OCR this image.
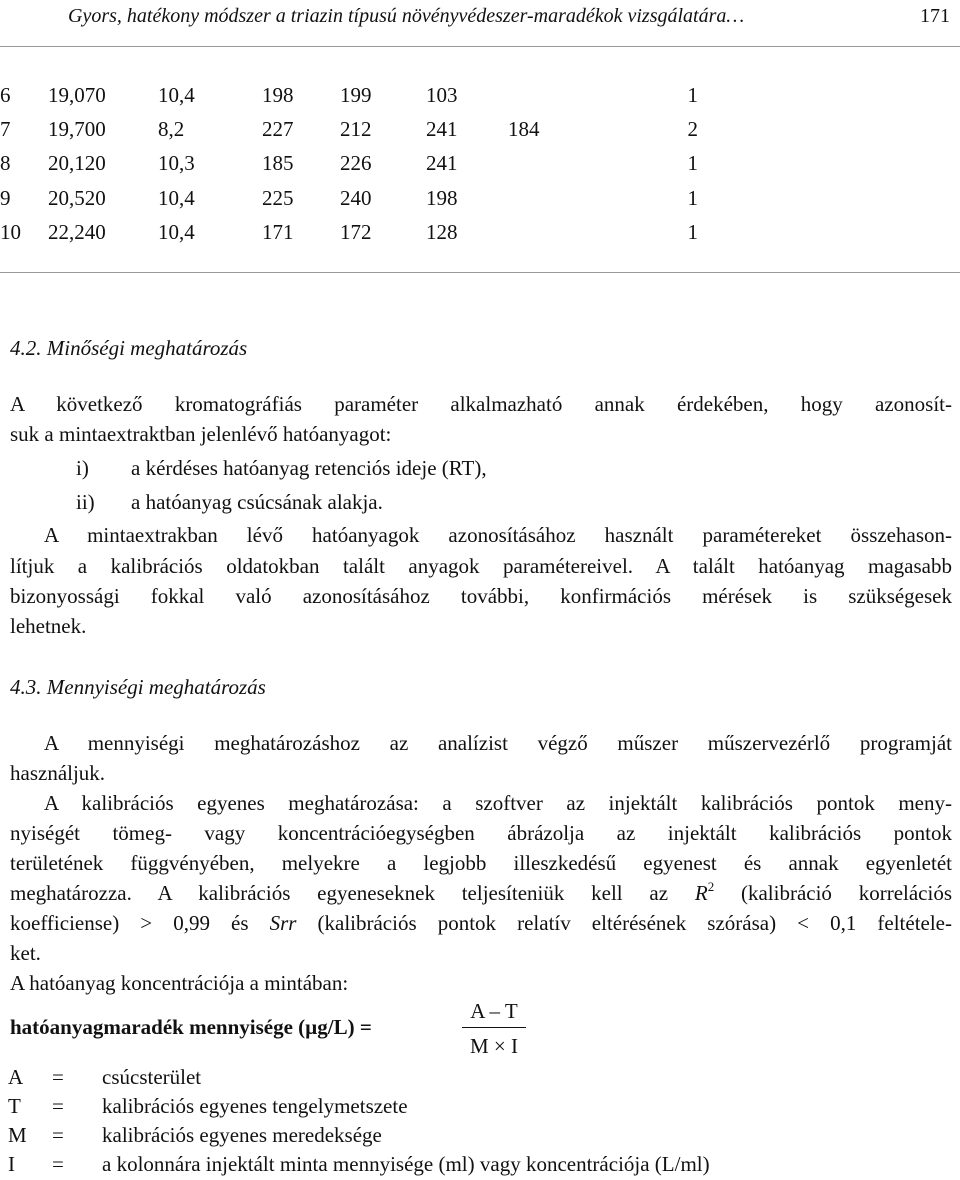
Gyors, hatékony módszer a triazin típusú növényvédeszer-maradékok vizsgálatára…	171
6	19,070	10,4	198	199	103		1
7	19,700	8,2	227	212	241	184	2
8	20,120	10,3	185	226	241		1
9	20,520	10,4	225	240	198		1
10	22,240	10,4	171	172	128		1
4.2. Minőségi meghatározás
A következő kromatográfiás paraméter alkalmazható annak érdekében, hogy azonosít-
suk a mintaextraktban jelenlévő hatóanyagot:
i) a kérdéses hatóanyag retenciós ideje (RT),
ii) a hatóanyag csúcsának alakja.
A mintaextrakban lévő hatóanyagok azonosításához használt paramétereket összehason-
lítjuk a kalibrációs oldatokban talált anyagok paramétereivel. A talált hatóanyag magasabb
bizonyossági fokkal való azonosításához további, konfirmációs mérések is szükségesek
lehetnek.
4.3. Mennyiségi meghatározás
A mennyiségi meghatározáshoz az analízist végző műszer műszervezérlő programját
használjuk.
A kalibrációs egyenes meghatározása: a szoftver az injektált kalibrációs pontok meny-
nyiségét tömeg- vagy koncentrációegységben ábrázolja az injektált kalibrációs pontok
területének függvényében, melyekre a legjobb illeszkedésű egyenest és annak egyenletét
meghatározza. A kalibrációs egyeneseknek teljesíteniük kell az $R^2$ (kalibráció korrelációs
koefficiense) > 0,99 és Srr (kalibrációs pontok relatív eltérésének szórása) < 0,1 feltétele-
ket.
A hatóanyag koncentrációja a mintában:
hatóanyagmaradék mennyisége (µg/L) =
A – T
M × I
A = csúcsterület
T = kalibrációs egyenes tengelymetszete
M = kalibrációs egyenes meredeksége
I = a kolonnára injektált minta mennyisége (ml) vagy koncentrációja (L/ml)
